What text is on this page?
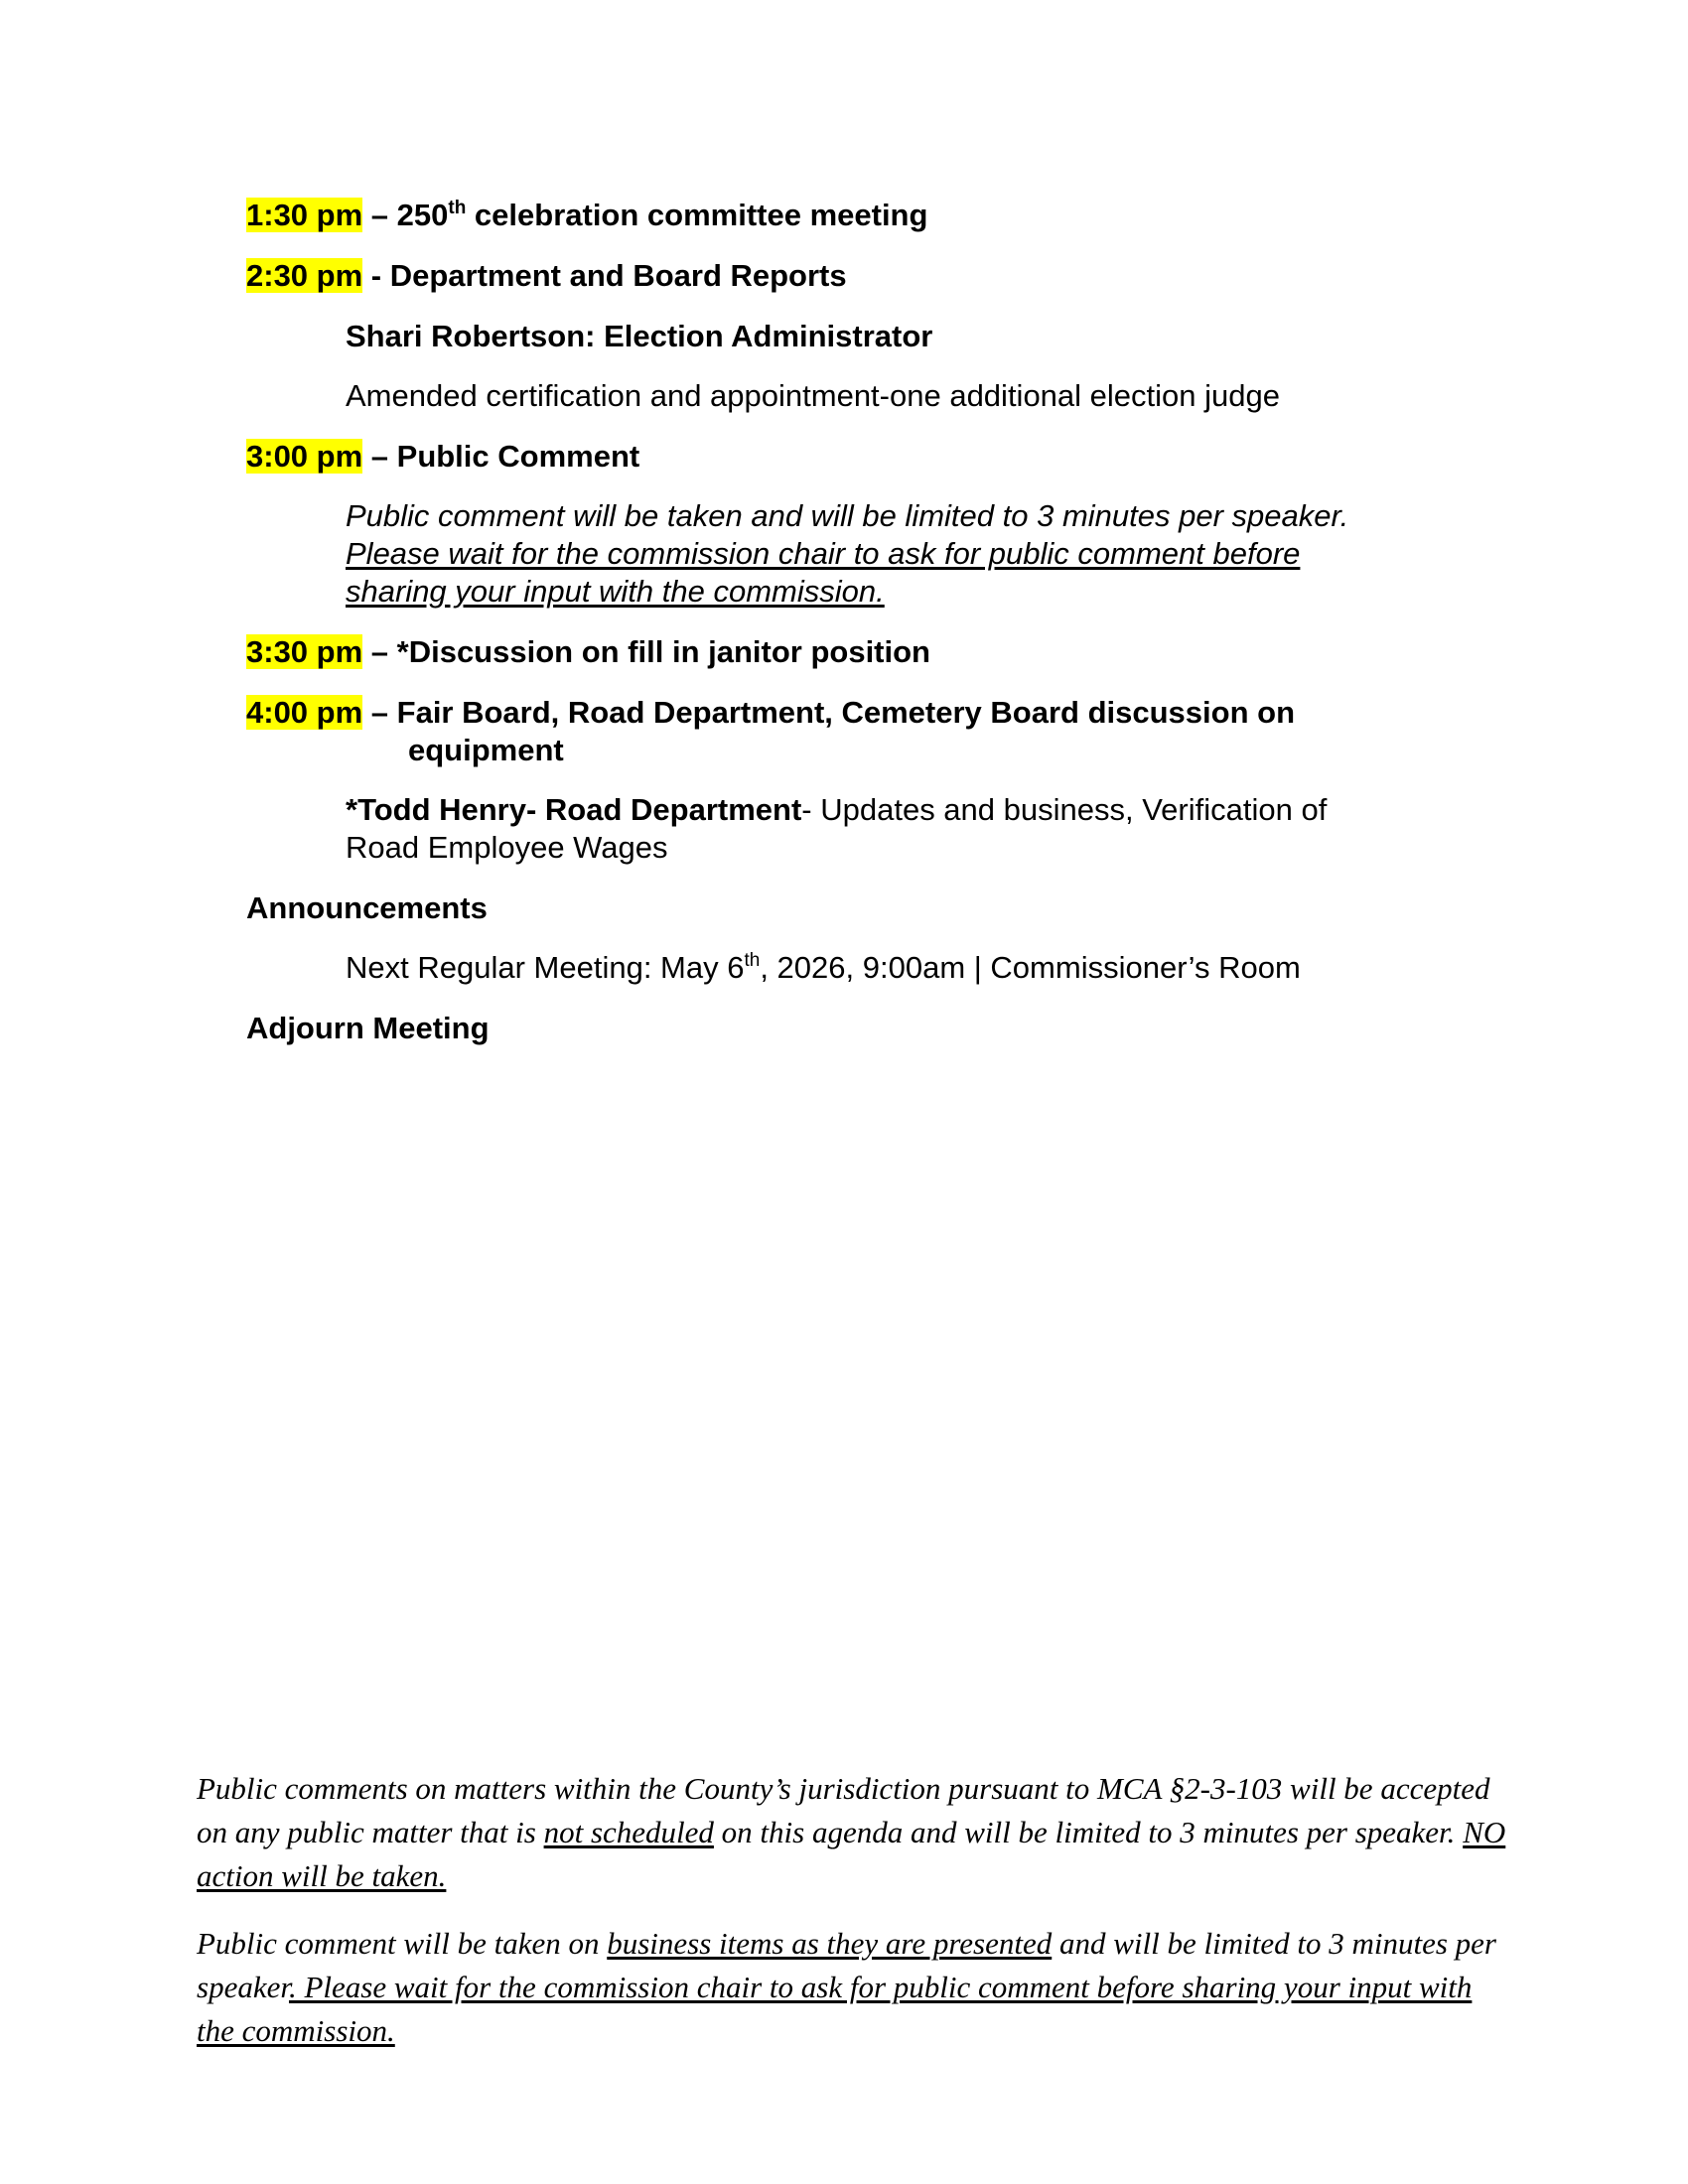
1:30 pm – 250th celebration committee meeting
2:30 pm - Department and Board Reports
Shari Robertson: Election Administrator
Amended certification and appointment-one additional election judge
3:00 pm – Public Comment
Public comment will be taken and will be limited to 3 minutes per speaker.
Please wait for the commission chair to ask for public comment before
sharing your input with the commission.
3:30 pm – *Discussion on fill in janitor position
4:00 pm – Fair Board, Road Department, Cemetery Board discussion on
equipment
*Todd Henry- Road Department- Updates and business, Verification of
Road Employee Wages
Announcements
Next Regular Meeting: May 6th, 2026, 9:00am | Commissioner’s Room
Adjourn Meeting

Public comments on matters within the County’s jurisdiction pursuant to MCA §2-3-103 will be accepted on any public matter that is not scheduled on this agenda and will be limited to 3 minutes per speaker. NO action will be taken.

Public comment will be taken on business items as they are presented and will be limited to 3 minutes per speaker. Please wait for the commission chair to ask for public comment before sharing your input with the commission.
